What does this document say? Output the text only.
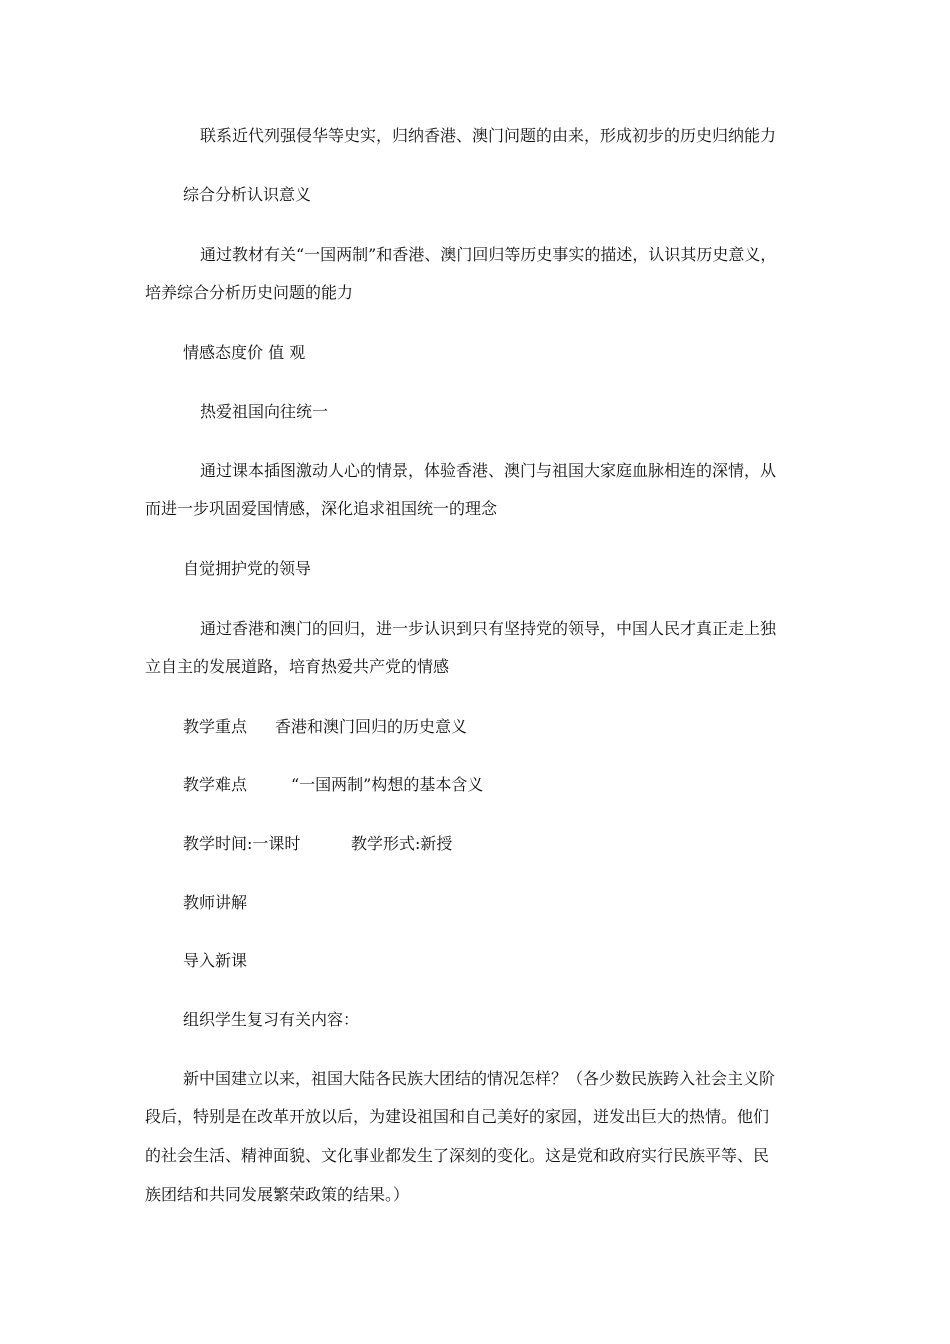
联系近代列强侵华等史实，归纳香港、澳门问题的由来，形成初步的历史归纳能力
综合分析认识意义
通过教材有关“一国两制”和香港、澳门回归等历史事实的描述，认识其历史意义，
培养综合分析历史问题的能力
情感态度价 值 观
热爱祖国向往统一
通过课本插图激动人心的情景，体验香港、澳门与祖国大家庭血脉相连的深情，从
而进一步巩固爱国情感，深化追求祖国统一的理念
自觉拥护党的领导
通过香港和澳门的回归，进一步认识到只有坚持党的领导，中国人民才真正走上独
立自主的发展道路，培育热爱共产党的情感
教学重点 香港和澳门回归的历史意义
教学难点	“一国两制”构想的基本含义
教学时间:一课时	教学形式:新授
教师讲解
导入新课
组织学生复习有关内容：
新中国建立以来，祖国大陆各民族大团结的情况怎样？（各少数民族跨入社会主义阶
段后，特别是在改革开放以后，为建设祖国和自己美好的家园，迸发出巨大的热情。他们
的社会生活、精神面貌、文化事业都发生了深刻的变化。这是党和政府实行民族平等、民
族团结和共同发展繁荣政策的结果。）
